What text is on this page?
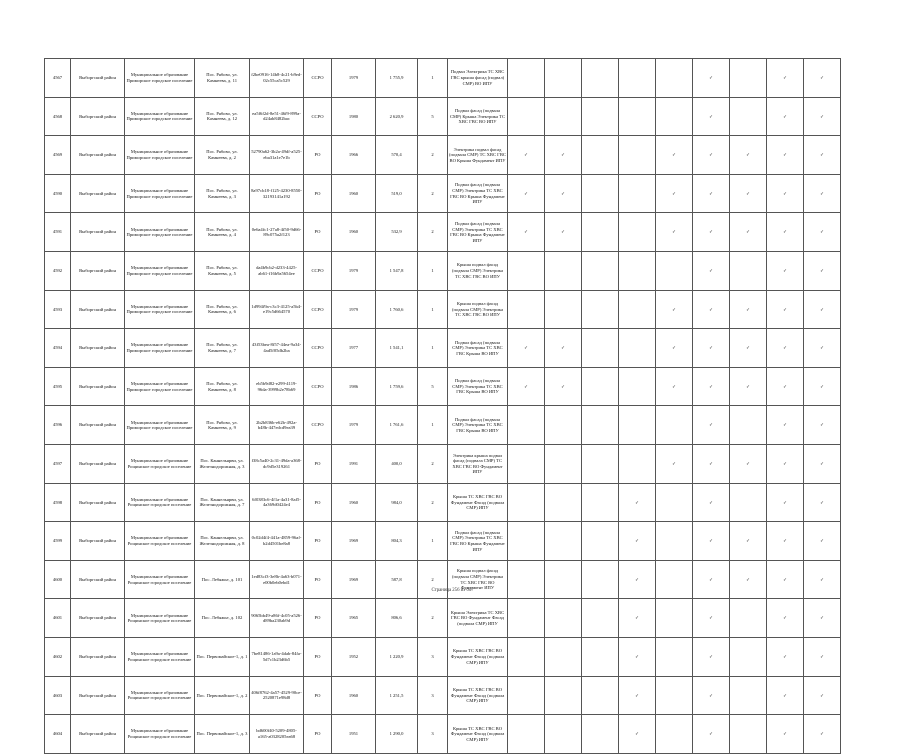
4567	Выборгский район	Муниципальное образование Приморское городское поселение	Пос. Рябово, ул. Камнеева, д. 11	f2be0916-14b8-4c21-b9ed-02c55ca5c529	ССРО	1979	1 755,9	1	Подвал Электрика ТС ХВС ГВС крыша фасад (подвал) СМР) ВО ИПУ						✓		✓	✓
4568	Выборгский район	Муниципальное образование Приморское городское поселение	Пос. Рябово, ул. Камнеева, д. 12	ea5f6f2d-8e51-46f9-899a-d24ab8482bac	ССРО	1980	2 620,9	5	Подвал фасад (подвала СМР) Крыша Электрика ТС ХВС ГВС ВО ИПУ						✓		✓	✓
4569	Выборгский район	Муниципальное образование Приморское городское поселение	Пос. Рябово, ул. Камнеева, д. 2	52790a62-3b2a-49df-a525-eba31a1e7e1b	РО	1966	570,4	2	Электрика подвал фасад (подвала СМР) ТС ХВС ГВС ВО Крыша Фундамент ИПУ	✓	✓			✓	✓	✓	✓	✓
4590	Выборгский район	Муниципальное образование Приморское городское поселение	Пос. Рябово, ул. Камнеева, д. 3	8a97cb18-f125-4230-8550-32193141a192	РО	1960	519,0	2	Подвал фасад (подвала СМР) Электрика ТС ХВС ГВС ВО Крыша Фундамент ИПУ	✓	✓			✓	✓	✓	✓	✓
4591	Выборгский район	Муниципальное образование Приморское городское поселение	Пос. Рябово, ул. Камнеева, д. 4	0e6a4fc1-27a8-4f50-9d66-89c075a2f123	РО	1960	532,9	2	Подвал фасад (подвала СМР) Электрика ТС ХВС ГВС ВО Крыша Фундамент ИПУ	✓	✓			✓	✓	✓	✓	✓
4592	Выборгский район	Муниципальное образование Приморское городское поселение	Пос. Рябово, ул. Камнеева, д. 5	da4b9cb2-d233-4425-ab61-f16b9a5654ee	ССРО	1979	1 547,8	1	Крыша подвал фасад (подвала СМР) Электрика ТС ХВС ГВС ВО ИПУ						✓		✓	✓
4593	Выборгский район	Муниципальное образование Приморское городское поселение	Пос. Рябово, ул. Камнеева, д. 6	1d994f9a-c3c3-4125-a5b4-e19c5d664570	ССРО	1979	1 760,6	1	Крыша подвал фасад (подвала СМР) Электрика ТС ХВС ГВС ВО ИПУ					✓	✓	✓	✓	✓
4594	Выборгский район	Муниципальное образование Приморское городское поселение	Пос. Рябово, ул. Камнеева, д. 7	43f53bea-8f57-44ea-9a34-4ad5f05db2ba	ССРО	1977	1 541,1	1	Подвал фасад (подвала СМР) Электрика ТС ХВС ГВС Крыша ВО ИПУ	✓	✓			✓	✓	✓	✓	✓
4595	Выборгский район	Муниципальное образование Приморское городское поселение	Пос. Рябово, ул. Камнеева, д. 8	eb5b9d82-e299-4119-96da-3999b2e78b69	ССРО	1986	1 759,6	5	Подвал фасад (подвала СМР) Электрика ТС ХВС ГВС Крыша ВО ИПУ	✓	✓			✓	✓	✓	✓	✓
4596	Выборгский район	Муниципальное образование Приморское городское поселение	Пос. Рябово, ул. Камнеева, д. 9	2b2b836b-e62b-492a-b48b-447edcd9ea39	ССРО	1979	1 761,6	1	Подвал фасад (подвала СМР) Электрика ТС ХВС ГВС Крыша ВО ИПУ						✓		✓	✓
4597	Выборгский район	Муниципальное образование Рощинское городское поселение	Пос. Каннельярви, ул. Железнодорожная, д. 3	f38c5a40-2c31-49da-a368-dc9d5e319261	РО	1991	400,0	2	Электрика крыша подвал фасад (подвала СМР) ТС ХВС ГВС ВО Фундамент ИПУ					✓	✓	✓	✓	✓
4598	Выборгский район	Муниципальное образование Рощинское городское поселение	Пос. Каннельярви, ул. Железнодорожная, д. 7	6f0383c6-4f1a-4a31-8af5-4a369d0424e4	РО	1960	984,0	2	Крыша ТС ХВС ГВС ВО Фундамент Фасад (подвала СМР) ИПУ				✓		✓		✓	✓
4599	Выборгский район	Муниципальное образование Рощинское городское поселение	Пос. Каннельярви, ул. Железнодорожная, д. 8	0c02d4f4-441a-4859-96af-b2d4501be8a8	РО	1969	804,3	1	Подвал фасад (подвала СМР) Электрика ТС ХВС ГВС ВО Крыша Фундамент ИПУ				✓		✓	✓	✓	✓
4600	Выборгский район	Муниципальное образование Рощинское городское поселение	Пос. Лебяжье, д. 101	1ed83cf3-3e8b-4a63-b071-e00b0eb0ebd1	РО	1969	587,8	2	Крыша подвал фасад (подвала СМР) Электрика ТС ХВС ГВС ВО Фундамент ИПУ				✓		✓	✓	✓	✓
4601	Выборгский район	Муниципальное образование Рощинское городское поселение	Пос. Лебяжье, д. 102	9065bb49-a86f-4c05-a526-d89ba230ab9d	РО	1965	806,6	2	Крыша Электрика ТС ХВС ГВС ВО Фундамент Фасад (подвала СМР) ИПУ				✓		✓		✓	✓
4602	Выборгский район	Муниципальное образование Рощинское городское поселение	Пос. Первомайское-1, д. 1	7be81486-1a9a-4dab-84fa-5d7c1b23d6b5	РО	1952	1 220,9	3	Крыша ТС ХВС ГВС ВО Фундамент Фасад (подвала СМР) ИПУ				✓		✓		✓	✓
4603	Выборгский район	Муниципальное образование Рощинское городское поселение	Пос. Первомайское-1, д. 2	406f8762-4a57-4529-90ce-2520871e98d8	РО	1960	1 251,5	3	Крыша ТС ХВС ГВС ВО Фундамент Фасад (подвала СМР) ИПУ				✓		✓		✓	✓
4604	Выборгский район	Муниципальное образование Рощинское городское поселение	Пос. Первомайское-1, д. 3	bd600f40-5209-4805-a165-a0328205ea68	РО	1951	1 290,0	3	Крыша ТС ХВС ГВС ВО Фундамент Фасад (подвала СМР) ИПУ				✓		✓		✓	✓
Страница 256 из 637
